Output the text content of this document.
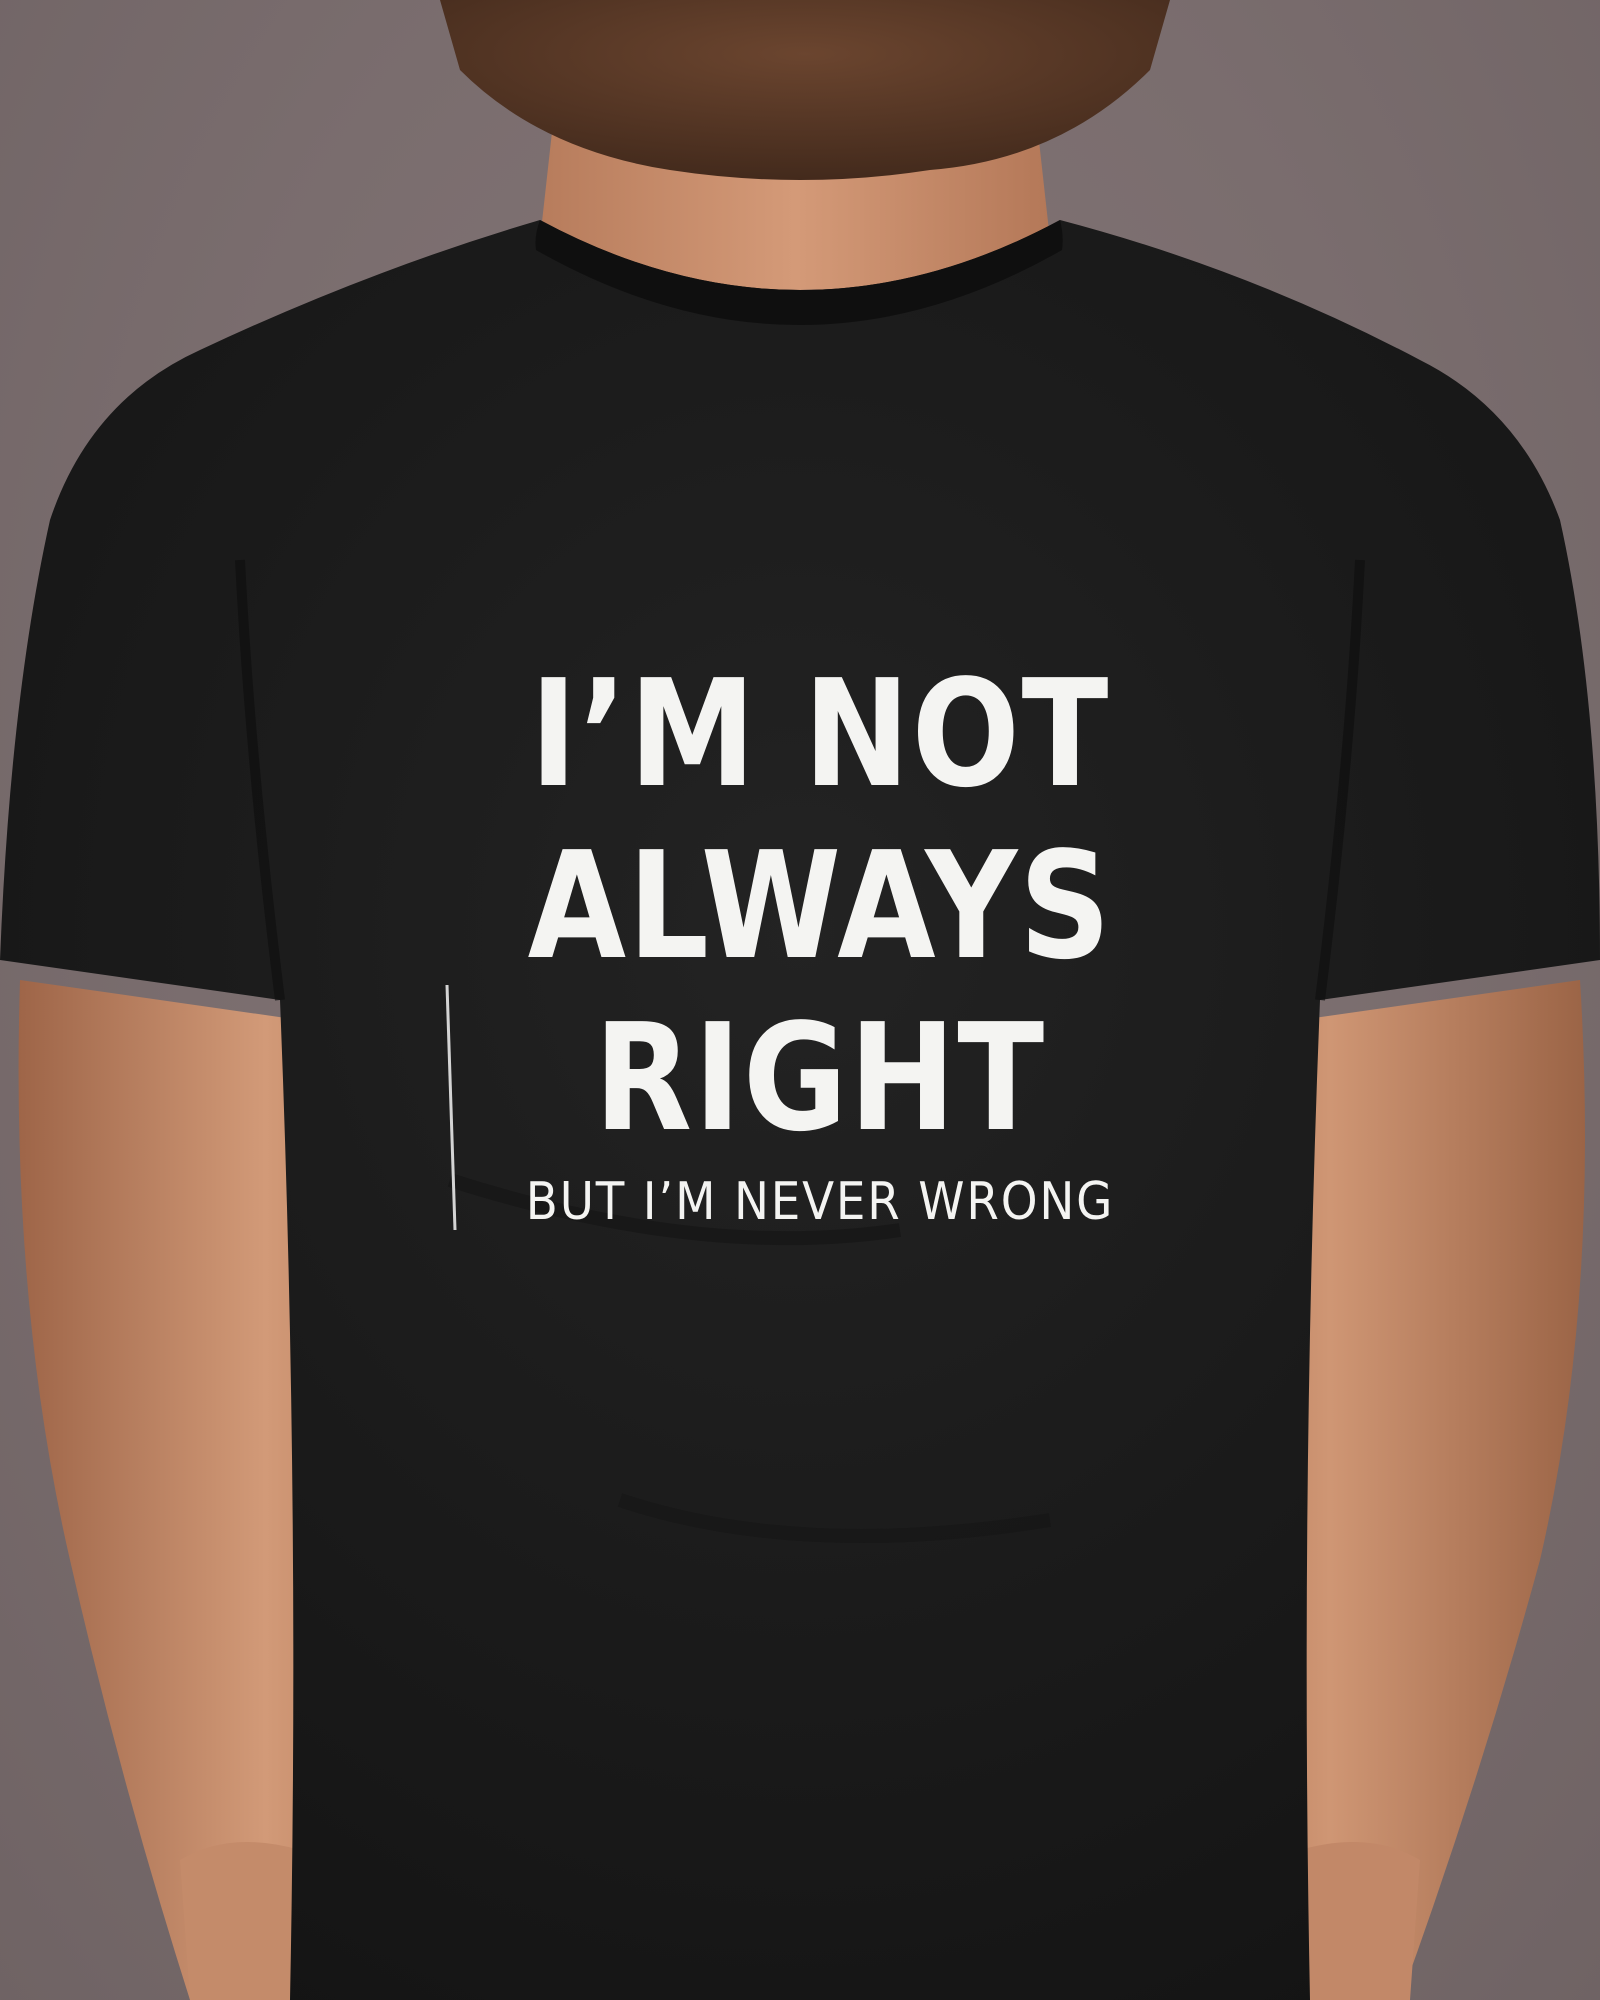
I’M NOT
ALWAYS
RIGHT
BUT I’M NEVER WRONG
